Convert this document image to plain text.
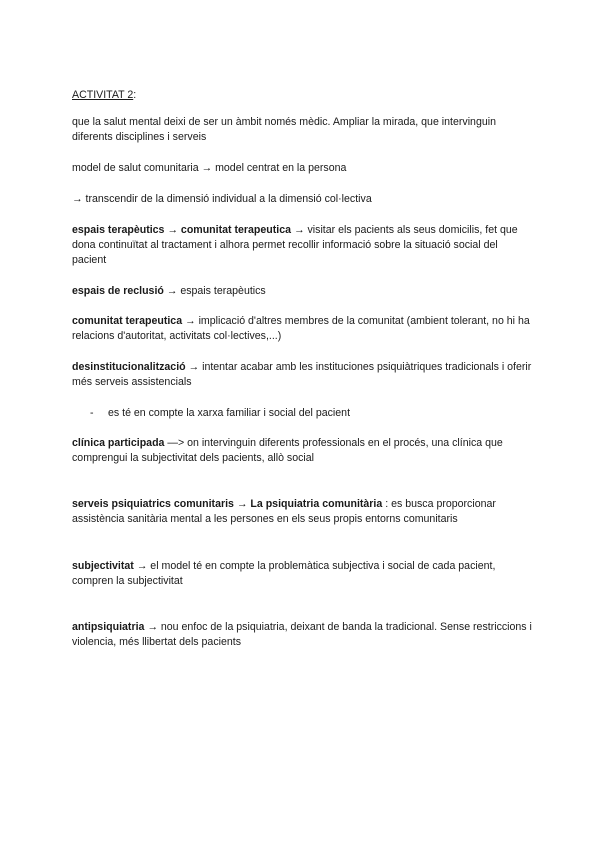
ACTIVITAT 2:

que la salut mental deixi de ser un àmbit només mèdic. Ampliar la mirada, que intervinguin diferents disciplines i serveis

model de salut comunitaria → model centrat en la persona

→ transcendir de la dimensió individual a la dimensió col·lectiva

espais terapèutics → comunitat terapeutica → visitar els pacients als seus domicilis, fet que dona continuïtat al tractament i alhora permet recollir informació sobre la situació social del pacient

espais de reclusió → espais terapèutics

comunitat terapeutica → implicació d'altres membres de la comunitat (ambient tolerant, no hi ha relacions d'autoritat, activitats col·lectives,...)

desinstitucionalització → intentar acabar amb les instituciones psiquiàtriques tradicionals i oferir més serveis assistencials

- es té en compte la xarxa familiar i social del pacient

clínica participada —> on intervinguin diferents professionals en el procés, una clínica que comprengui la subjectivitat dels pacients, allò social

serveis psiquiatrics comunitaris → La psiquiatria comunitària : es busca proporcionar assistència sanitària mental a les persones en els seus propis entorns comunitaris

subjectivitat → el model té en compte la problemàtica subjectiva i social de cada pacient, compren la subjectivitat

antipsiquiatria → nou enfoc de la psiquiatria, deixant de banda la tradicional. Sense restriccions i violencia, més llibertat dels pacients
